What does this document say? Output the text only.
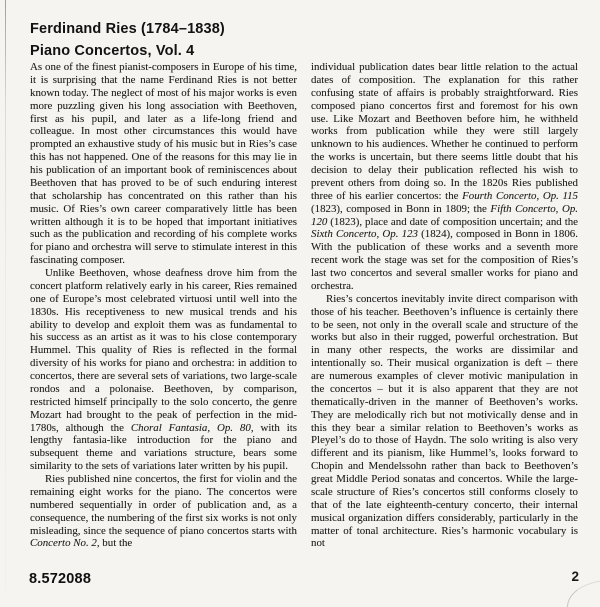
Ferdinand Ries (1784–1838)
Piano Concertos, Vol. 4

As one of the finest pianist-composers in Europe of his time, it is surprising that the name Ferdinand Ries is not better known today. The neglect of most of his major works is even more puzzling given his long association with Beethoven, first as his pupil, and later as a life-long friend and colleague. In most other circumstances this would have prompted an exhaustive study of his music but in Ries’s case this has not happened. One of the reasons for this may lie in his publication of an important book of reminiscences about Beethoven that has proved to be of such enduring interest that scholarship has concentrated on this rather than his music. Of Ries’s own career comparatively little has been written although it is to be hoped that important initiatives such as the publication and recording of his complete works for piano and orchestra will serve to stimulate interest in this fascinating composer.

Unlike Beethoven, whose deafness drove him from the concert platform relatively early in his career, Ries remained one of Europe’s most celebrated virtuosi until well into the 1830s. His receptiveness to new musical trends and his ability to develop and exploit them was as fundamental to his success as an artist as it was to his close contemporary Hummel. This quality of Ries is reflected in the formal diversity of his works for piano and orchestra: in addition to concertos, there are several sets of variations, two large-scale rondos and a polonaise. Beethoven, by comparison, restricted himself principally to the solo concerto, the genre Mozart had brought to the peak of perfection in the mid-1780s, although the Choral Fantasia, Op. 80, with its lengthy fantasia-like introduction for the piano and subsequent theme and variations structure, bears some similarity to the sets of variations later written by his pupil.

Ries published nine concertos, the first for violin and the remaining eight works for the piano. The concertos were numbered sequentially in order of publication and, as a consequence, the numbering of the first six works is not only misleading, since the sequence of piano concertos starts with Concerto No. 2, but the

individual publication dates bear little relation to the actual dates of composition. The explanation for this rather confusing state of affairs is probably straightforward. Ries composed piano concertos first and foremost for his own use. Like Mozart and Beethoven before him, he withheld works from publication while they were still largely unknown to his audiences. Whether he continued to perform the works is uncertain, but there seems little doubt that his decision to delay their publication reflected his wish to prevent others from doing so. In the 1820s Ries published three of his earlier concertos: the Fourth Concerto, Op. 115 (1823), composed in Bonn in 1809; the Fifth Concerto, Op. 120 (1823), place and date of composition uncertain; and the Sixth Concerto, Op. 123 (1824), composed in Bonn in 1806. With the publication of these works and a seventh more recent work the stage was set for the composition of Ries’s last two concertos and several smaller works for piano and orchestra.

Ries’s concertos inevitably invite direct comparison with those of his teacher. Beethoven’s influence is certainly there to be seen, not only in the overall scale and structure of the works but also in their rugged, powerful orchestration. But in many other respects, the works are dissimilar and intentionally so. Their musical organization is deft – there are numerous examples of clever motivic manipulation in the concertos – but it is also apparent that they are not thematically-driven in the manner of Beethoven’s works. They are melodically rich but not motivically dense and in this they bear a similar relation to Beethoven’s works as Pleyel’s do to those of Haydn. The solo writing is also very different and its pianism, like Hummel’s, looks forward to Chopin and Mendelssohn rather than back to Beethoven’s great Middle Period sonatas and concertos. While the large-scale structure of Ries’s concertos still conforms closely to that of the late eighteenth-century concerto, their internal musical organization differs considerably, particularly in the matter of tonal architecture. Ries’s harmonic vocabulary is not

8.572088	2
